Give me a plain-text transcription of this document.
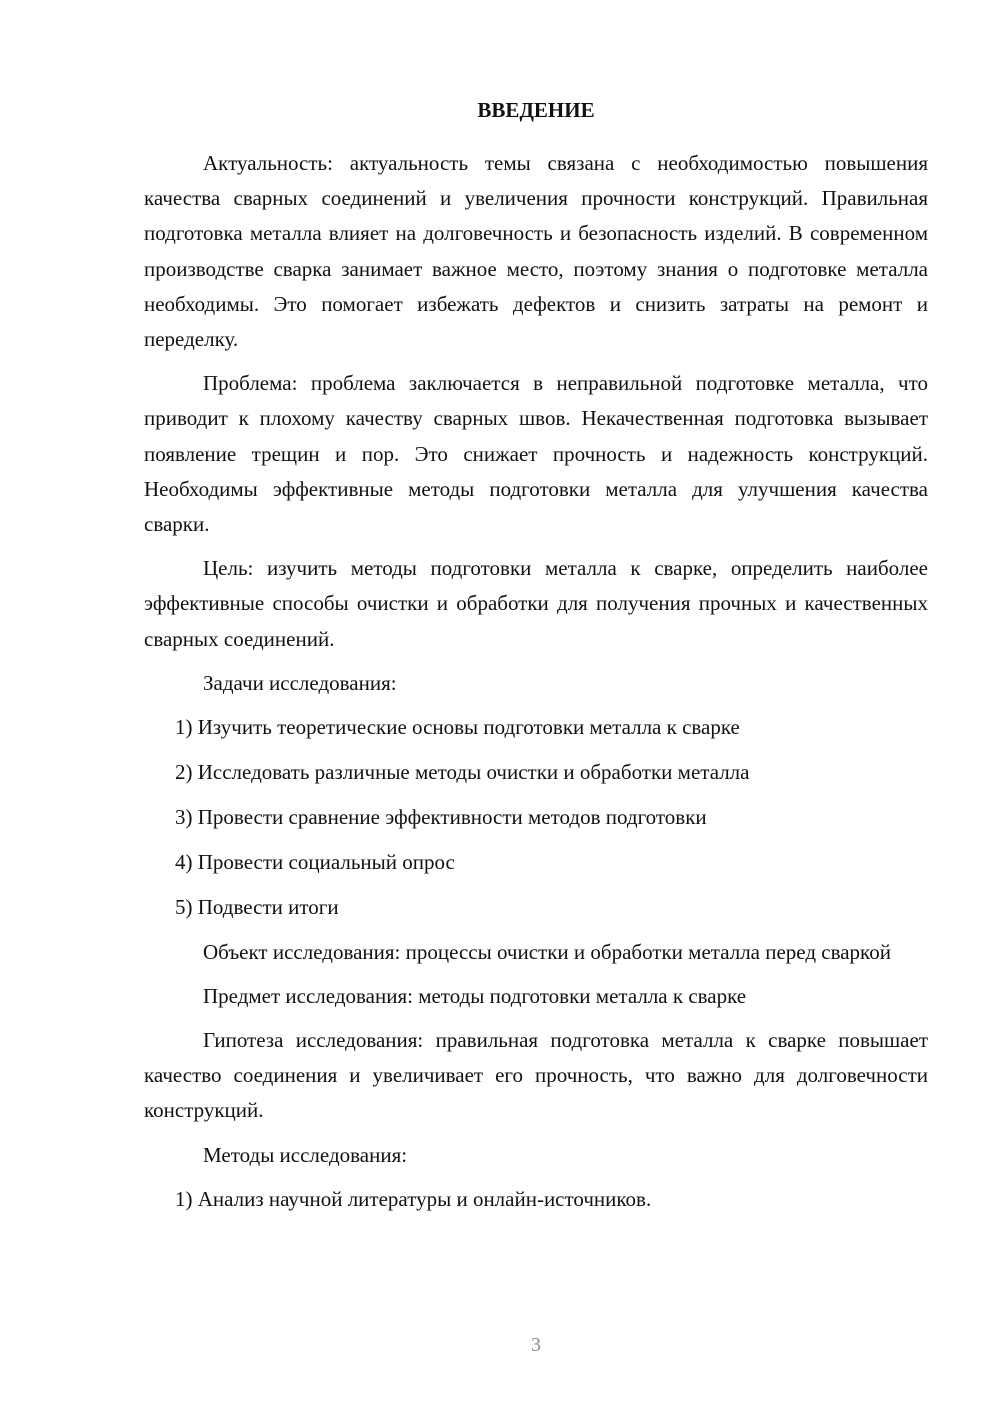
ВВЕДЕНИЕ

Актуальность: актуальность темы связана с необходимостью повышения качества сварных соединений и увеличения прочности конструкций. Правильная подготовка металла влияет на долговечность и безопасность изделий. В современном производстве сварка занимает важное место, поэтому знания о подготовке металла необходимы. Это помогает избежать дефектов и снизить затраты на ремонт и переделку.

Проблема: проблема заключается в неправильной подготовке металла, что приводит к плохому качеству сварных швов. Некачественная подготовка вызывает появление трещин и пор. Это снижает прочность и надежность конструкций. Необходимы эффективные методы подготовки металла для улучшения качества сварки.

Цель: изучить методы подготовки металла к сварке, определить наиболее эффективные способы очистки и обработки для получения прочных и качественных сварных соединений.

Задачи исследования:

1) Изучить теоретические основы подготовки металла к сварке
2) Исследовать различные методы очистки и обработки металла
3) Провести сравнение эффективности методов подготовки
4) Провести социальный опрос
5) Подвести итоги

Объект исследования: процессы очистки и обработки металла перед сваркой

Предмет исследования: методы подготовки металла к сварке

Гипотеза исследования: правильная подготовка металла к сварке повышает качество соединения и увеличивает его прочность, что важно для долговечности конструкций.

Методы исследования:

1) Анализ научной литературы и онлайн-источников.
3
